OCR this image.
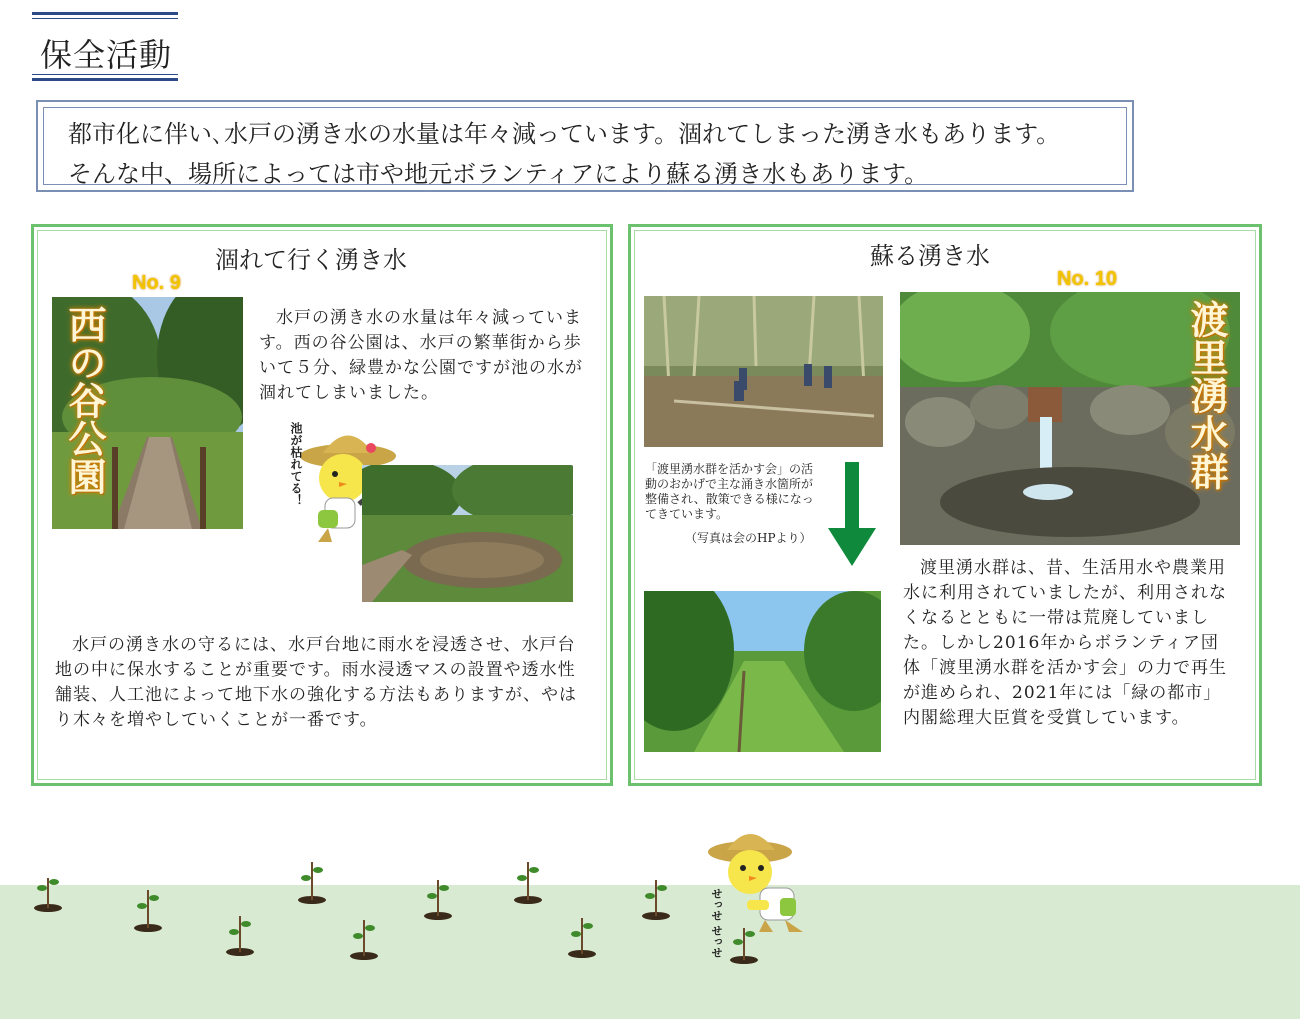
保全活動
都市化に伴い､水戸の湧き水の水量は年々減っています。涸れてしまった湧き水もあります。
そんな中、場所によっては市や地元ボランティアにより蘇る湧き水もあります。
涸れて行く湧き水
No. 9
西の谷公園	水戸の湧き水の水量は年々減っています。西の谷公園は、水戸の繁華街から歩いて５分、緑豊かな公園ですが池の水が涸れてしまいました。
池が枯れてる！
水戸の湧き水の守るには、水戸台地に雨水を浸透させ、水戸台地の中に保水することが重要です。雨水浸透マスの設置や透水性舗装、人工池によって地下水の強化する方法もありますが、やはり木々を増やしていくことが一番です。
蘇る湧き水
No. 10
「渡里湧水群を活かす会」の活動のおかげで主な涌き水箇所が整備され、散策できる様になってきています。
（写真は会のHPより）
渡里湧水群
渡里湧水群は、昔、生活用水や農業用水に利用されていましたが、利用されなくなるとともに一帯は荒廃していました。しかし2016年からボランティア団体「渡里湧水群を活かす会」の力で再生が進められ、2021年には「緑の都市」内閣総理大臣賞を受賞しています。
せっせ せっせ
